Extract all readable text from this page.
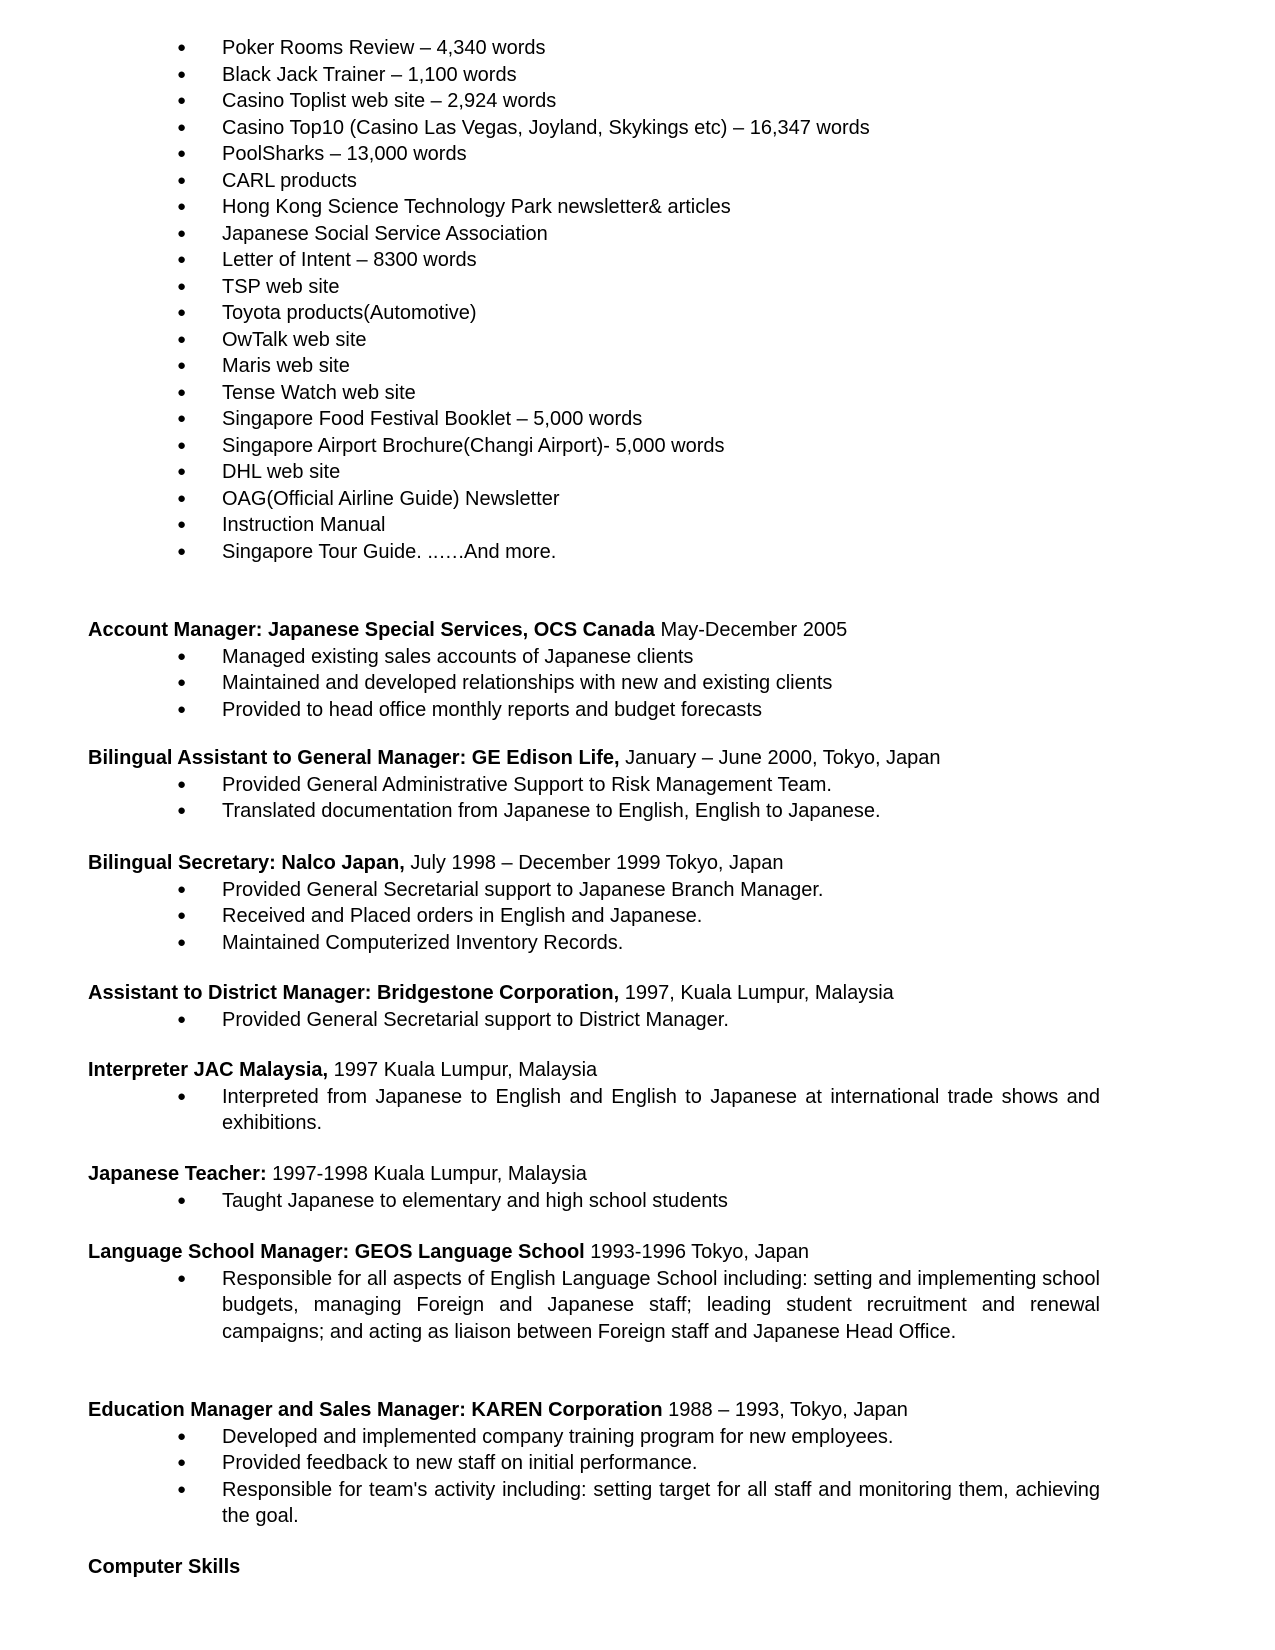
● Poker Rooms Review – 4,340 words
● Black Jack Trainer – 1,100 words
● Casino Toplist web site – 2,924 words
● Casino Top10 (Casino Las Vegas, Joyland, Skykings etc) – 16,347 words
● PoolSharks – 13,000 words
● CARL products
● Hong Kong Science Technology Park newsletter& articles
● Japanese Social Service Association
● Letter of Intent – 8300 words
● TSP web site
● Toyota products(Automotive)
● OwTalk web site
● Maris web site
● Tense Watch web site
● Singapore Food Festival Booklet – 5,000 words
● Singapore Airport Brochure(Changi Airport)- 5,000 words
● DHL web site
● OAG(Official Airline Guide) Newsletter
● Instruction Manual
● Singapore Tour Guide. ..….And more.
Account Manager: Japanese Special Services, OCS Canada May-December 2005
● Managed existing sales accounts of Japanese clients
● Maintained and developed relationships with new and existing clients
● Provided to head office monthly reports and budget forecasts
Bilingual Assistant to General Manager: GE Edison Life, January – June 2000, Tokyo, Japan
● Provided General Administrative Support to Risk Management Team.
● Translated documentation from Japanese to English, English to Japanese.
Bilingual Secretary: Nalco Japan, July 1998 – December 1999 Tokyo, Japan
● Provided General Secretarial support to Japanese Branch Manager.
● Received and Placed orders in English and Japanese.
● Maintained Computerized Inventory Records.
Assistant to District Manager: Bridgestone Corporation, 1997, Kuala Lumpur, Malaysia
● Provided General Secretarial support to District Manager.
Interpreter JAC Malaysia, 1997 Kuala Lumpur, Malaysia
● Interpreted from Japanese to English and English to Japanese at international trade shows and exhibitions.
Japanese Teacher: 1997-1998 Kuala Lumpur, Malaysia
● Taught Japanese to elementary and high school students
Language School Manager: GEOS Language School 1993-1996 Tokyo, Japan
● Responsible for all aspects of English Language School including: setting and implementing school budgets, managing Foreign and Japanese staff; leading student recruitment and renewal campaigns; and acting as liaison between Foreign staff and Japanese Head Office.
Education Manager and Sales Manager: KAREN Corporation 1988 – 1993, Tokyo, Japan
● Developed and implemented company training program for new employees.
● Provided feedback to new staff on initial performance.
● Responsible for team's activity including: setting target for all staff and monitoring them, achieving the goal.
Computer Skills
